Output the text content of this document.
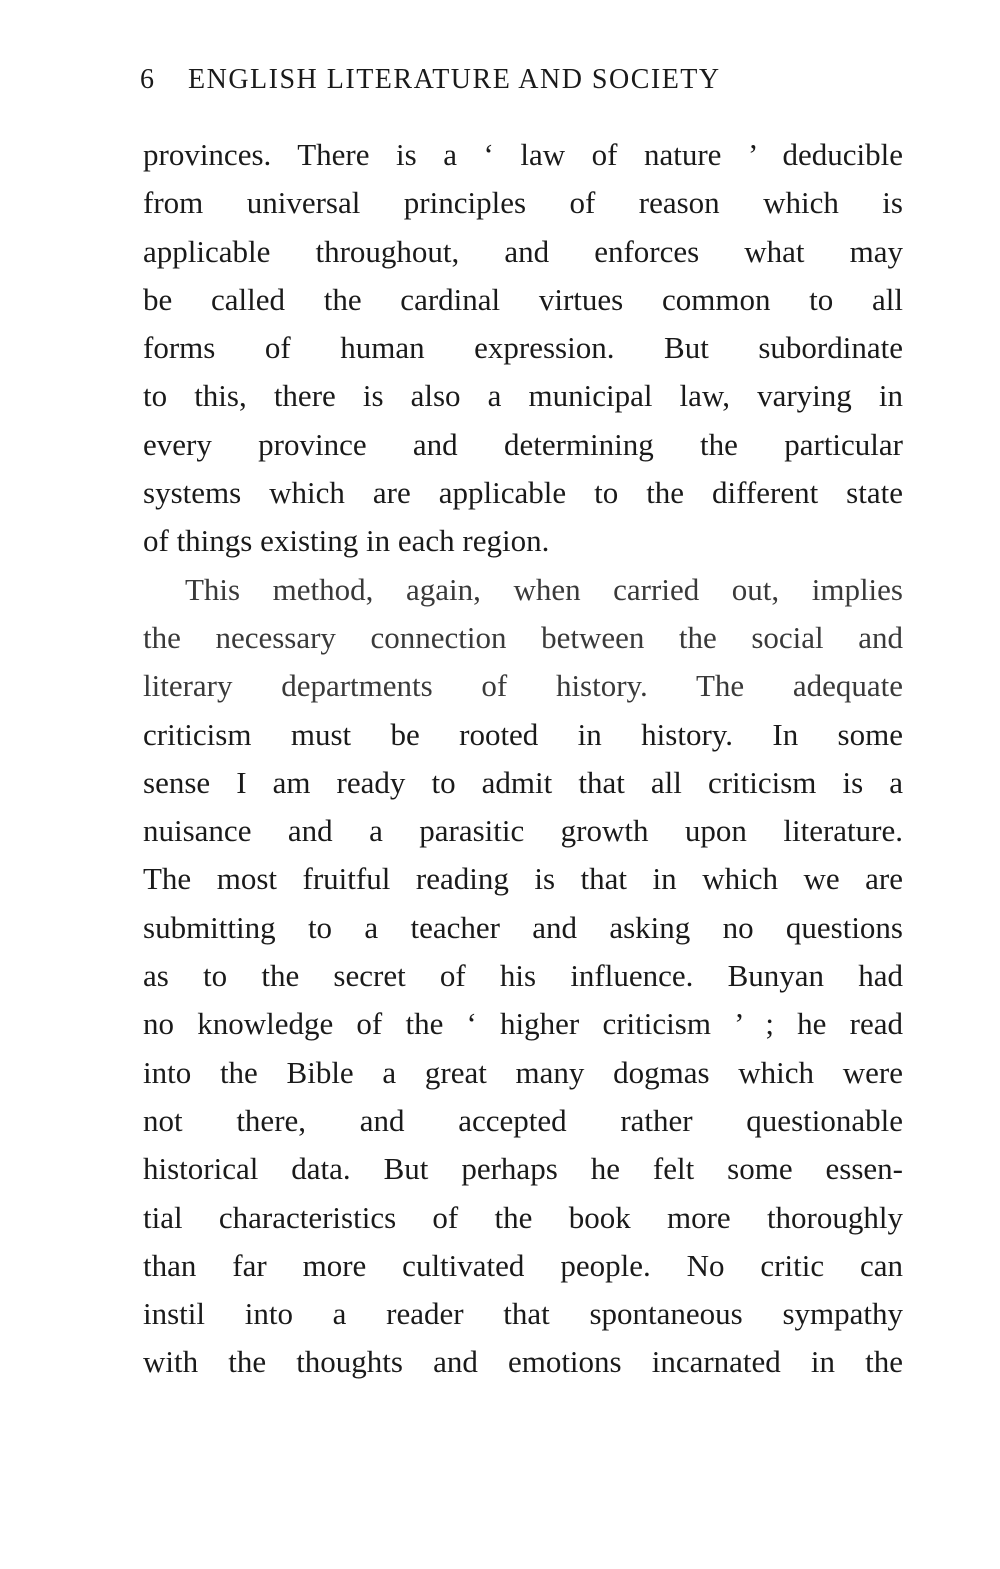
6 ENGLISH LITERATURE AND SOCIETY
provinces. There is a ‘ law of nature ’ deducible
from universal principles of reason which is
applicable throughout, and enforces what may
be called the cardinal virtues common to all
forms of human expression. But subordinate
to this, there is also a municipal law, varying in
every province and determining the particular
systems which are applicable to the different state
of things existing in each region.
This method, again, when carried out, implies
the necessary connection between the social and
literary departments of history. The adequate
criticism must be rooted in history. In some
sense I am ready to admit that all criticism is a
nuisance and a parasitic growth upon literature.
The most fruitful reading is that in which we are
submitting to a teacher and asking no questions
as to the secret of his influence. Bunyan had
no knowledge of the ‘ higher criticism ’ ; he read
into the Bible a great many dogmas which were
not there, and accepted rather questionable
historical data. But perhaps he felt some essen-
tial characteristics of the book more thoroughly
than far more cultivated people. No critic can
instil into a reader that spontaneous sympathy
with the thoughts and emotions incarnated in the
